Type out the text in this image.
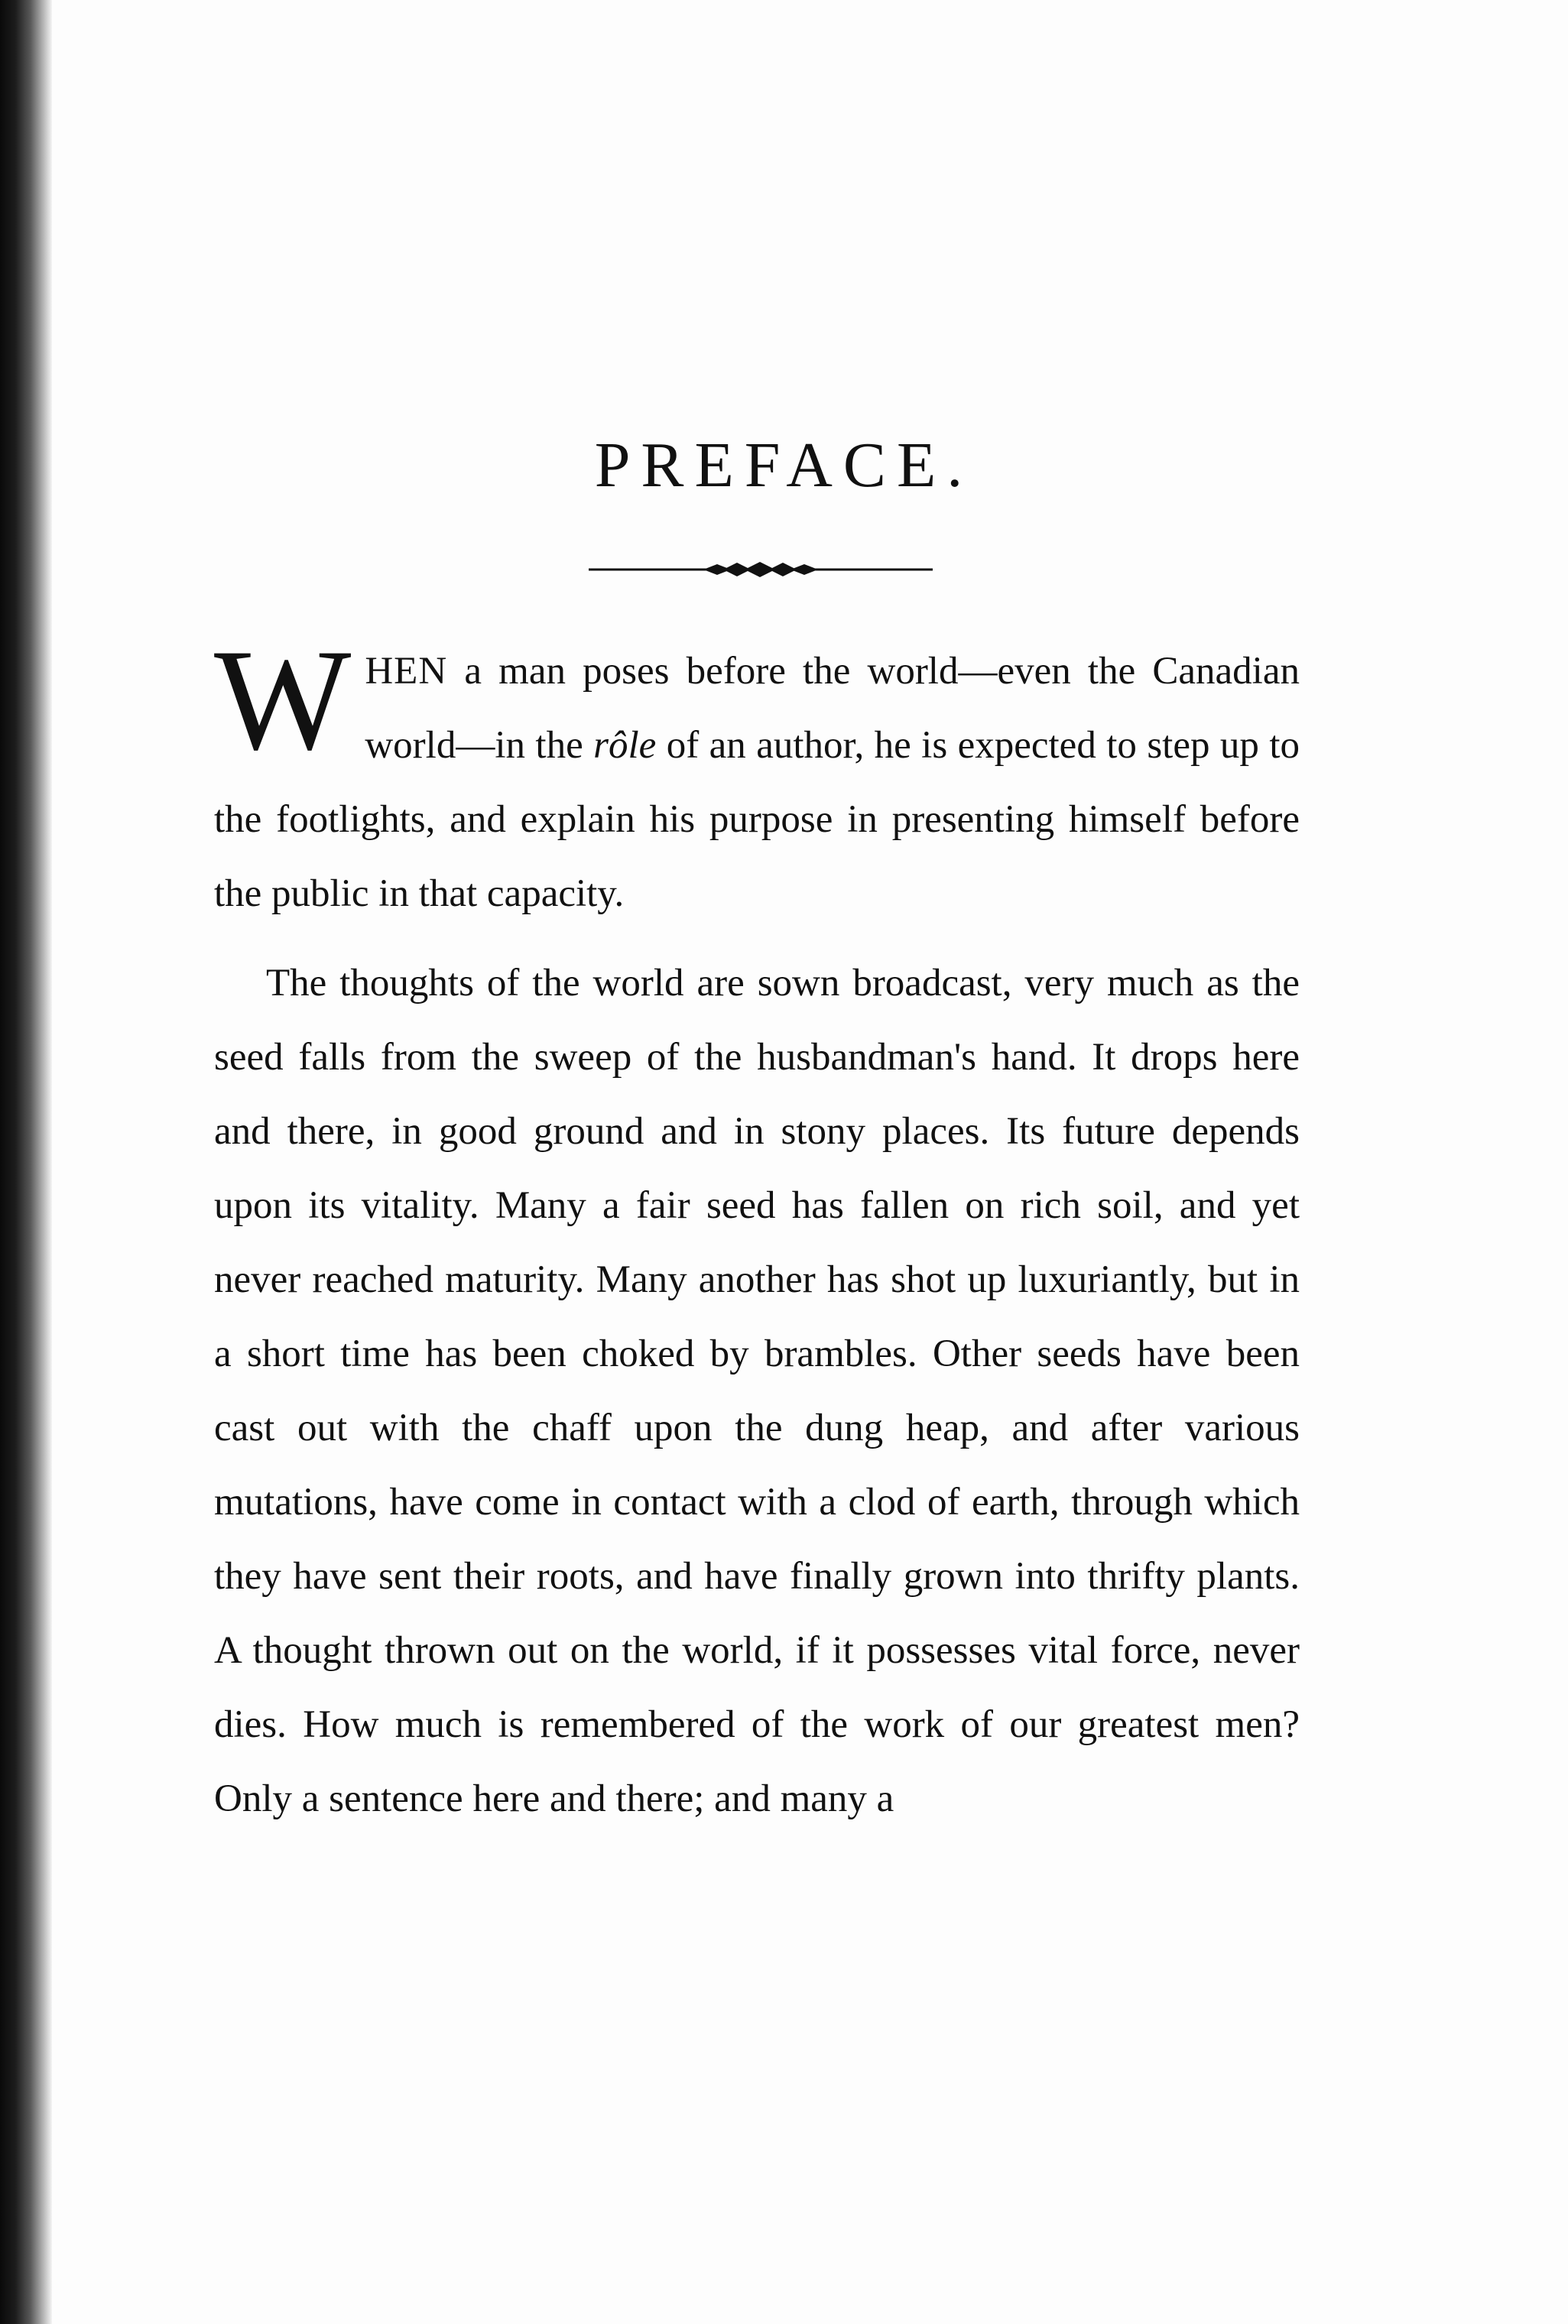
PREFACE.

WHEN a man poses before the world—even the Canadian world—in the rôle of an author, he is expected to step up to the footlights, and explain his purpose in presenting himself before the public in that capacity.

The thoughts of the world are sown broadcast, very much as the seed falls from the sweep of the husbandman's hand. It drops here and there, in good ground and in stony places. Its future depends upon its vitality. Many a fair seed has fallen on rich soil, and yet never reached maturity. Many another has shot up luxuriantly, but in a short time has been choked by brambles. Other seeds have been cast out with the chaff upon the dung heap, and after various mutations, have come in contact with a clod of earth, through which they have sent their roots, and have finally grown into thrifty plants. A thought thrown out on the world, if it possesses vital force, never dies. How much is remembered of the work of our greatest men? Only a sentence here and there; and many a
